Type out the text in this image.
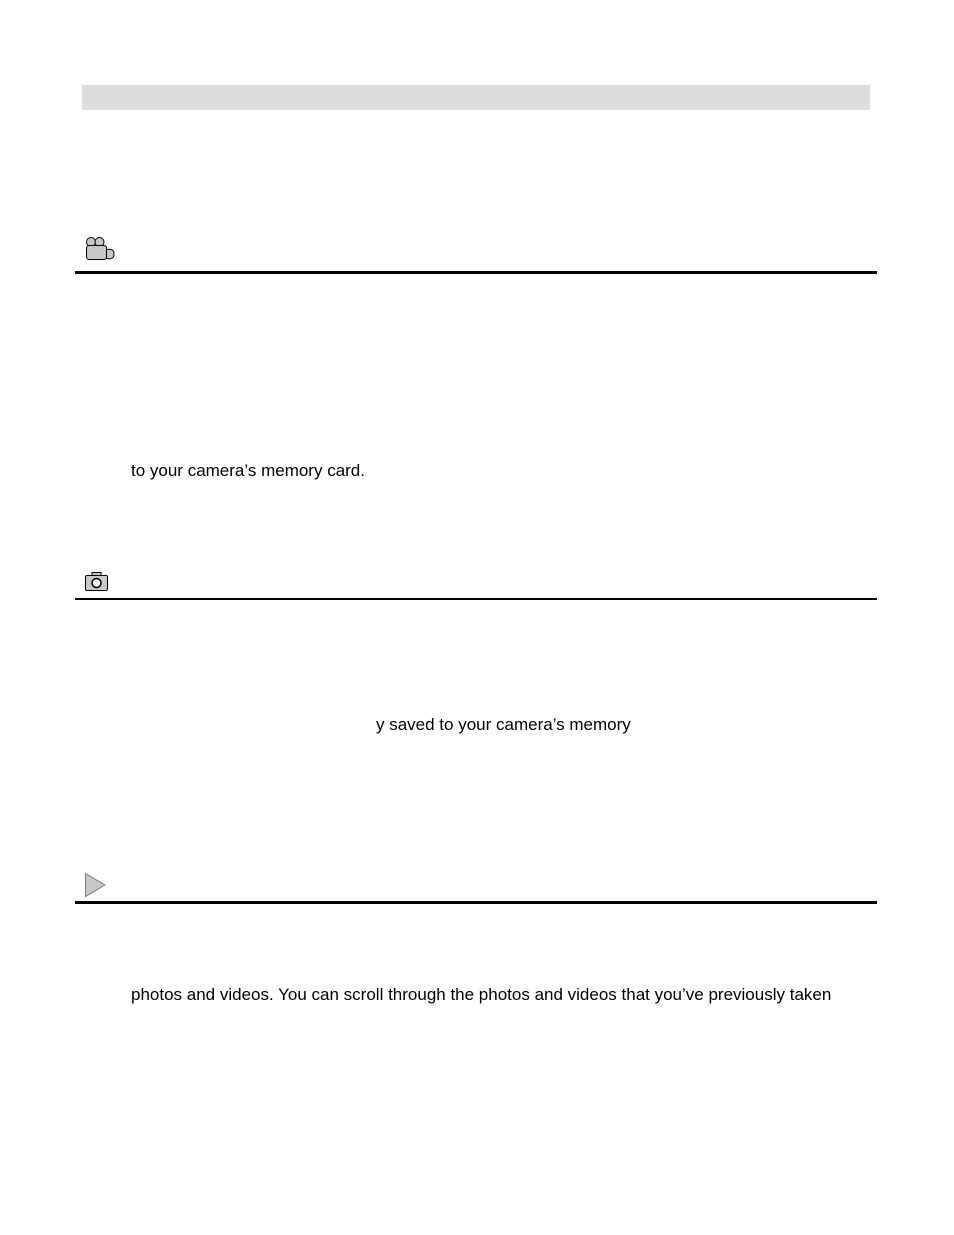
to your camera’s memory card.
y saved to your camera’s memory
photos and videos. You can scroll through the photos and videos that you’ve previously taken
